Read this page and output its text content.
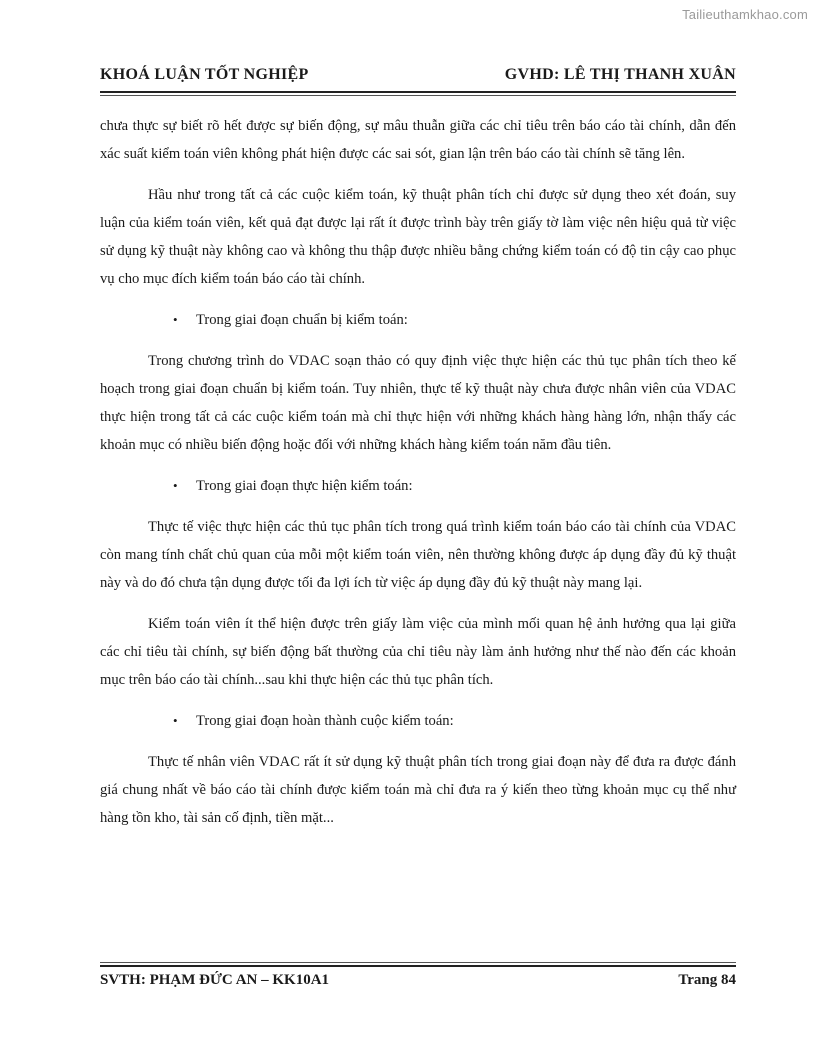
Tailieuthamkhao.com
KHOÁ LUẬN TỐT NGHIỆP	GVHD: LÊ THỊ THANH XUÂN

chưa thực sự biết rõ hết được sự biến động, sự mâu thuẫn giữa các chỉ tiêu trên báo cáo tài chính, dẫn đến xác suất kiểm toán viên không phát hiện được các sai sót, gian lận trên báo cáo tài chính sẽ tăng lên.

Hầu như trong tất cả các cuộc kiểm toán, kỹ thuật phân tích chỉ được sử dụng theo xét đoán, suy luận của kiểm toán viên, kết quả đạt được lại rất ít được trình bày trên giấy tờ làm việc nên hiệu quả từ việc sử dụng kỹ thuật này không cao và không thu thập được nhiều bằng chứng kiểm toán có độ tin cậy cao phục vụ cho mục đích kiểm toán báo cáo tài chính.

• Trong giai đoạn chuẩn bị kiểm toán:

Trong chương trình do VDAC soạn thảo có quy định việc thực hiện các thủ tục phân tích theo kế hoạch trong giai đoạn chuẩn bị kiểm toán. Tuy nhiên, thực tế kỹ thuật này chưa được nhân viên của VDAC thực hiện trong tất cả các cuộc kiểm toán mà chỉ thực hiện với những khách hàng hàng lớn, nhận thấy các khoản mục có nhiều biến động hoặc đối với những khách hàng kiểm toán năm đầu tiên.

• Trong giai đoạn thực hiện kiểm toán:

Thực tế việc thực hiện các thủ tục phân tích trong quá trình kiểm toán báo cáo tài chính của VDAC còn mang tính chất chủ quan của mỗi một kiểm toán viên, nên thường không được áp dụng đầy đủ kỹ thuật này và do đó chưa tận dụng được tối đa lợi ích từ việc áp dụng đầy đủ kỹ thuật này mang lại.

Kiểm toán viên ít thể hiện được trên giấy làm việc của mình mối quan hệ ảnh hưởng qua lại giữa các chỉ tiêu tài chính, sự biến động bất thường của chỉ tiêu này làm ảnh hưởng như thế nào đến các khoản mục trên báo cáo tài chính...sau khi thực hiện các thủ tục phân tích.

• Trong giai đoạn hoàn thành cuộc kiểm toán:

Thực tế nhân viên VDAC rất ít sử dụng kỹ thuật phân tích trong giai đoạn này để đưa ra được đánh giá chung nhất về báo cáo tài chính được kiểm toán mà chỉ đưa ra ý kiến theo từng khoản mục cụ thể như hàng tồn kho, tài sản cố định, tiền mặt...

SVTH: PHẠM ĐỨC AN – KK10A1	Trang 84
